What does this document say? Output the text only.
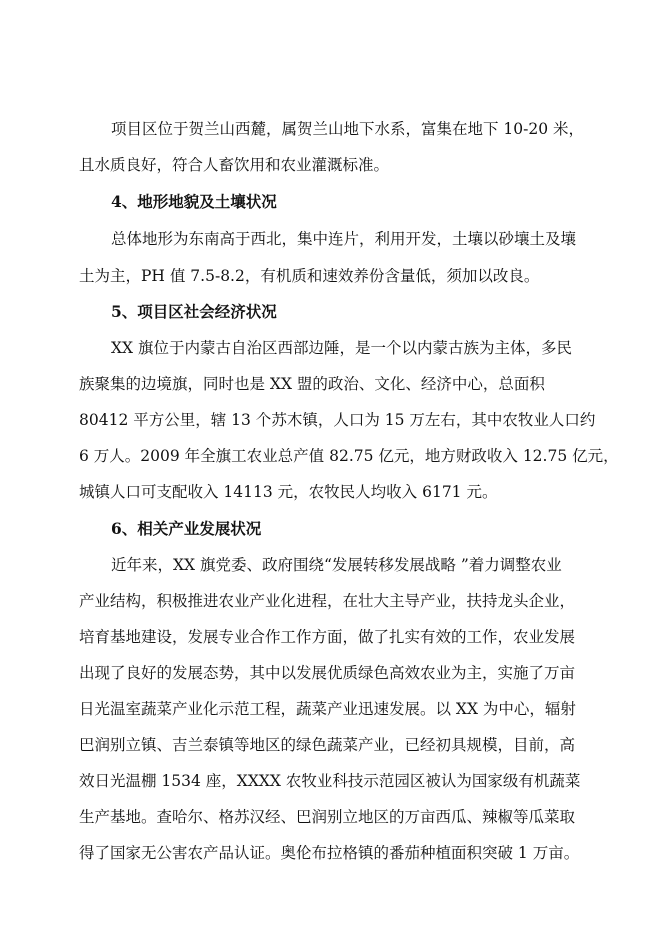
项目区位于贺兰山西麓，属贺兰山地下水系，富集在地下 10-20 米，
且水质良好，符合人畜饮用和农业灌溉标准。
4、地形地貌及土壤状况
总体地形为东南高于西北，集中连片，利用开发，土壤以砂壤土及壤
土为主，PH 值 7.5-8.2，有机质和速效养份含量低，须加以改良。
5、项目区社会经济状况
XX 旗位于内蒙古自治区西部边陲，是一个以内蒙古族为主体，多民
族聚集的边境旗，同时也是 XX 盟的政治、文化、经济中心，总面积
80412 平方公里，辖 13 个苏木镇，人口为 15 万左右，其中农牧业人口约
6 万人。2009 年全旗工农业总产值 82.75 亿元，地方财政收入 12.75 亿元，
城镇人口可支配收入 14113 元，农牧民人均收入 6171 元。
6、相关产业发展状况
近年来，XX 旗党委、政府围绕“发展转移发展战略 ”着力调整农业
产业结构，积极推进农业产业化进程，在壮大主导产业，扶持龙头企业，
培育基地建设，发展专业合作工作方面，做了扎实有效的工作，农业发展
出现了良好的发展态势，其中以发展优质绿色高效农业为主，实施了万亩
日光温室蔬菜产业化示范工程，蔬菜产业迅速发展。以 XX 为中心，辐射
巴润别立镇、吉兰泰镇等地区的绿色蔬菜产业，已经初具规模，目前，高
效日光温棚 1534 座，XXXX 农牧业科技示范园区被认为国家级有机蔬菜
生产基地。查哈尔、格苏汉经、巴润别立地区的万亩西瓜、辣椒等瓜菜取
得了国家无公害农产品认证。奥伦布拉格镇的番茄种植面积突破 1 万亩。
